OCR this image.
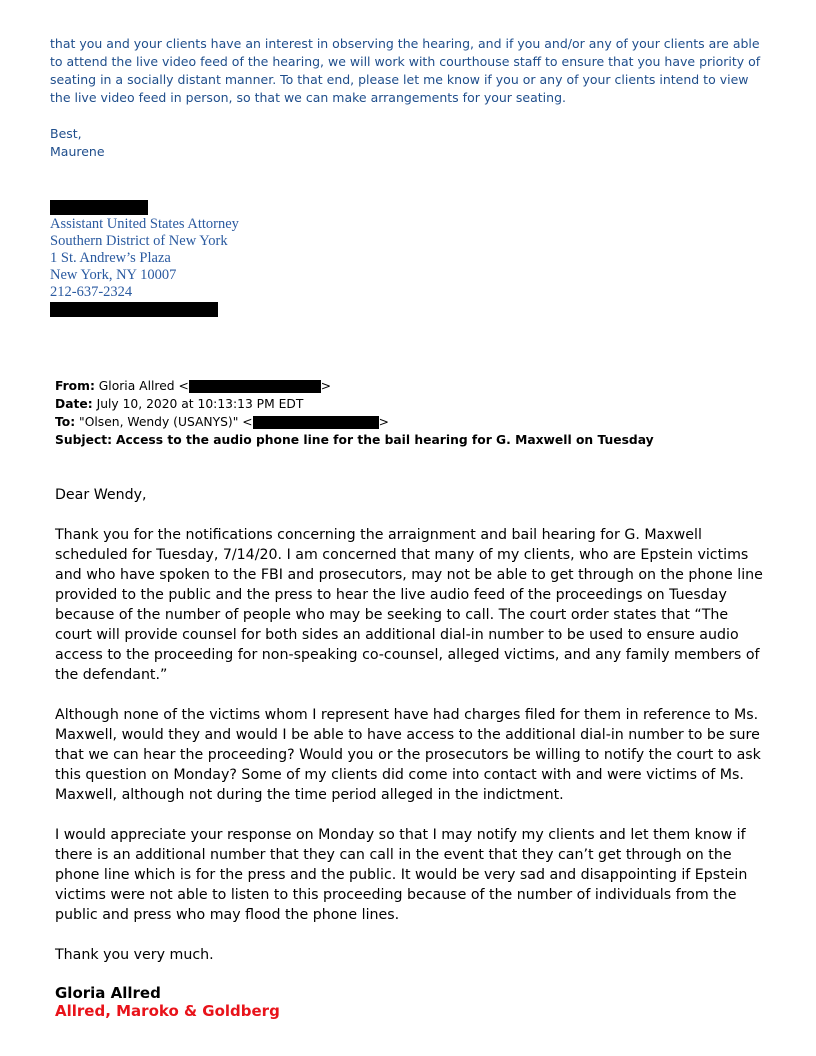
that you and your clients have an interest in observing the hearing, and if you and/or any of your clients are able to attend the live video feed of the hearing, we will work with courthouse staff to ensure that you have priority of seating in a socially distant manner. To that end, please let me know if you or any of your clients intend to view the live video feed in person, so that we can make arrangements for your seating.

Best,

Maurene

Assistant United States Attorney
Southern District of New York
1 St. Andrew’s Plaza
New York, NY 10007
212-637-2324
From: Gloria Allred <	>
Date: July 10, 2020 at 10:13:13 PM EDT
To: "Olsen, Wendy (USANYS)" <	>
Subject: Access to the audio phone line for the bail hearing for G. Maxwell on Tuesday

Dear Wendy,

Thank you for the notifications concerning the arraignment and bail hearing for G. Maxwell scheduled for Tuesday, 7/14/20. I am concerned that many of my clients, who are Epstein victims and who have spoken to the FBI and prosecutors, may not be able to get through on the phone line provided to the public and the press to hear the live audio feed of the proceedings on Tuesday because of the number of people who may be seeking to call. The court order states that “The court will provide counsel for both sides an additional dial-in number to be used to ensure audio access to the proceeding for non-speaking co-counsel, alleged victims, and any family members of the defendant.”

Although none of the victims whom I represent have had charges filed for them in reference to Ms. Maxwell, would they and would I be able to have access to the additional dial-in number to be sure that we can hear the proceeding? Would you or the prosecutors be willing to notify the court to ask this question on Monday? Some of my clients did come into contact with and were victims of Ms. Maxwell, although not during the time period alleged in the indictment.

I would appreciate your response on Monday so that I may notify my clients and let them know if there is an additional number that they can call in the event that they can’t get through on the phone line which is for the press and the public. It would be very sad and disappointing if Epstein victims were not able to listen to this proceeding because of the number of individuals from the public and press who may flood the phone lines.

Thank you very much.

Gloria Allred
Allred, Maroko & Goldberg
